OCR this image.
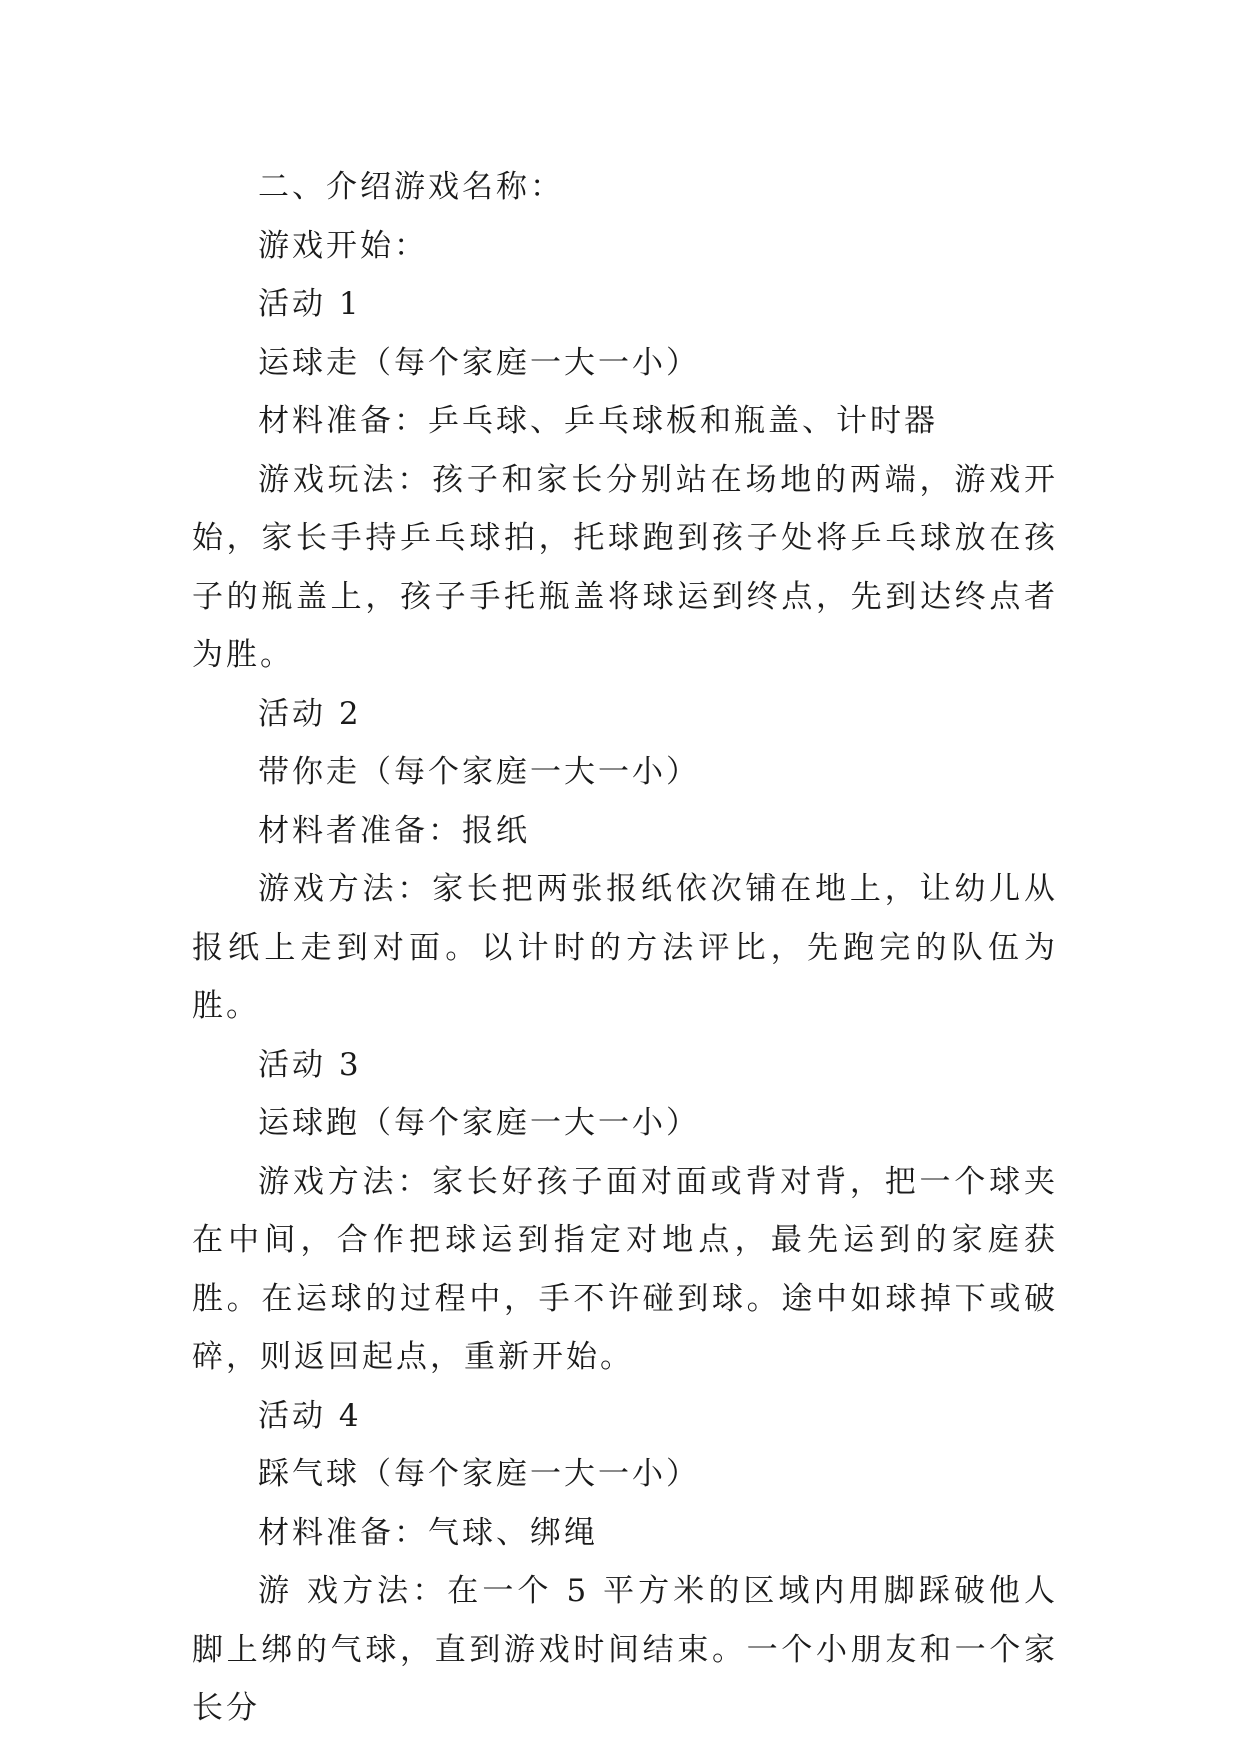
二、介绍游戏名称：

游戏开始：

活动 1

运球走（每个家庭一大一小）

材料准备：乒乓球、乒乓球板和瓶盖、计时器

游戏玩法：孩子和家长分别站在场地的两端，游戏开始，家长手持乒乓球拍，托球跑到孩子处将乒乓球放在孩子的瓶盖上，孩子手托瓶盖将球运到终点，先到达终点者为胜。

活动 2

带你走（每个家庭一大一小）

材料者准备：报纸

游戏方法：家长把两张报纸依次铺在地上，让幼儿从报纸上走到对面。以计时的方法评比，先跑完的队伍为胜。

活动 3

运球跑（每个家庭一大一小）

游戏方法：家长好孩子面对面或背对背，把一个球夹在中间，合作把球运到指定对地点，最先运到的家庭获胜。在运球的过程中，手不许碰到球。途中如球掉下或破碎，则返回起点，重新开始。

活动 4

踩气球（每个家庭一大一小）

材料准备：气球、绑绳

游 戏方法：在一个 5 平方米的区域内用脚踩破他人脚上绑的气球，直到游戏时间结束。一个小朋友和一个家长分
